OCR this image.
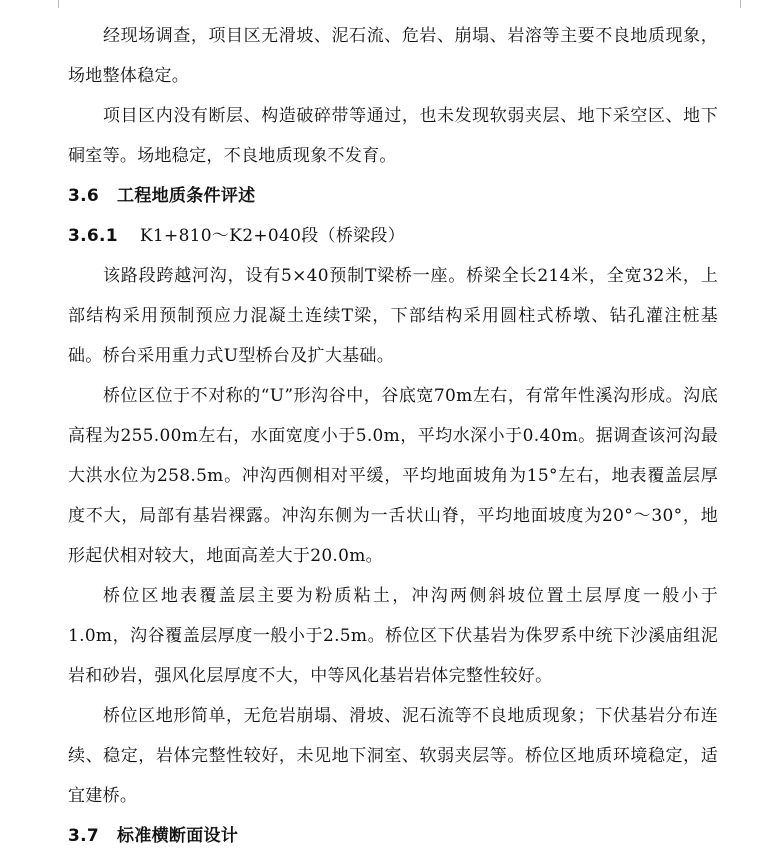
经现场调查，项目区无滑坡、泥石流、危岩、崩塌、岩溶等主要不良地质现象，场地整体稳定。

项目区内没有断层、构造破碎带等通过，也未发现软弱夹层、地下采空区、地下硐室等。场地稳定，不良地质现象不发育。

3.6 工程地质条件评述
3.6.1 K1+810～K2+040段（桥梁段）

该路段跨越河沟，设有5×40预制T梁桥一座。桥梁全长214米，全宽32米，上部结构采用预制预应力混凝土连续T梁，下部结构采用圆柱式桥墩、钻孔灌注桩基础。桥台采用重力式U型桥台及扩大基础。

桥位区位于不对称的“U”形沟谷中，谷底宽70m左右，有常年性溪沟形成。沟底高程为255.00m左右，水面宽度小于5.0m，平均水深小于0.40m。据调查该河沟最大洪水位为258.5m。冲沟西侧相对平缓，平均地面坡角为15°左右，地表覆盖层厚度不大，局部有基岩裸露。冲沟东侧为一舌状山脊，平均地面坡度为20°～30°，地形起伏相对较大，地面高差大于20.0m。

桥位区地表覆盖层主要为粉质粘土，冲沟两侧斜坡位置土层厚度一般小于1.0m，沟谷覆盖层厚度一般小于2.5m。桥位区下伏基岩为侏罗系中统下沙溪庙组泥岩和砂岩，强风化层厚度不大，中等风化基岩岩体完整性较好。

桥位区地形简单，无危岩崩塌、滑坡、泥石流等不良地质现象；下伏基岩分布连续、稳定，岩体完整性较好，未见地下洞室、软弱夹层等。桥位区地质环境稳定，适宜建桥。

3.7 标准横断面设计
